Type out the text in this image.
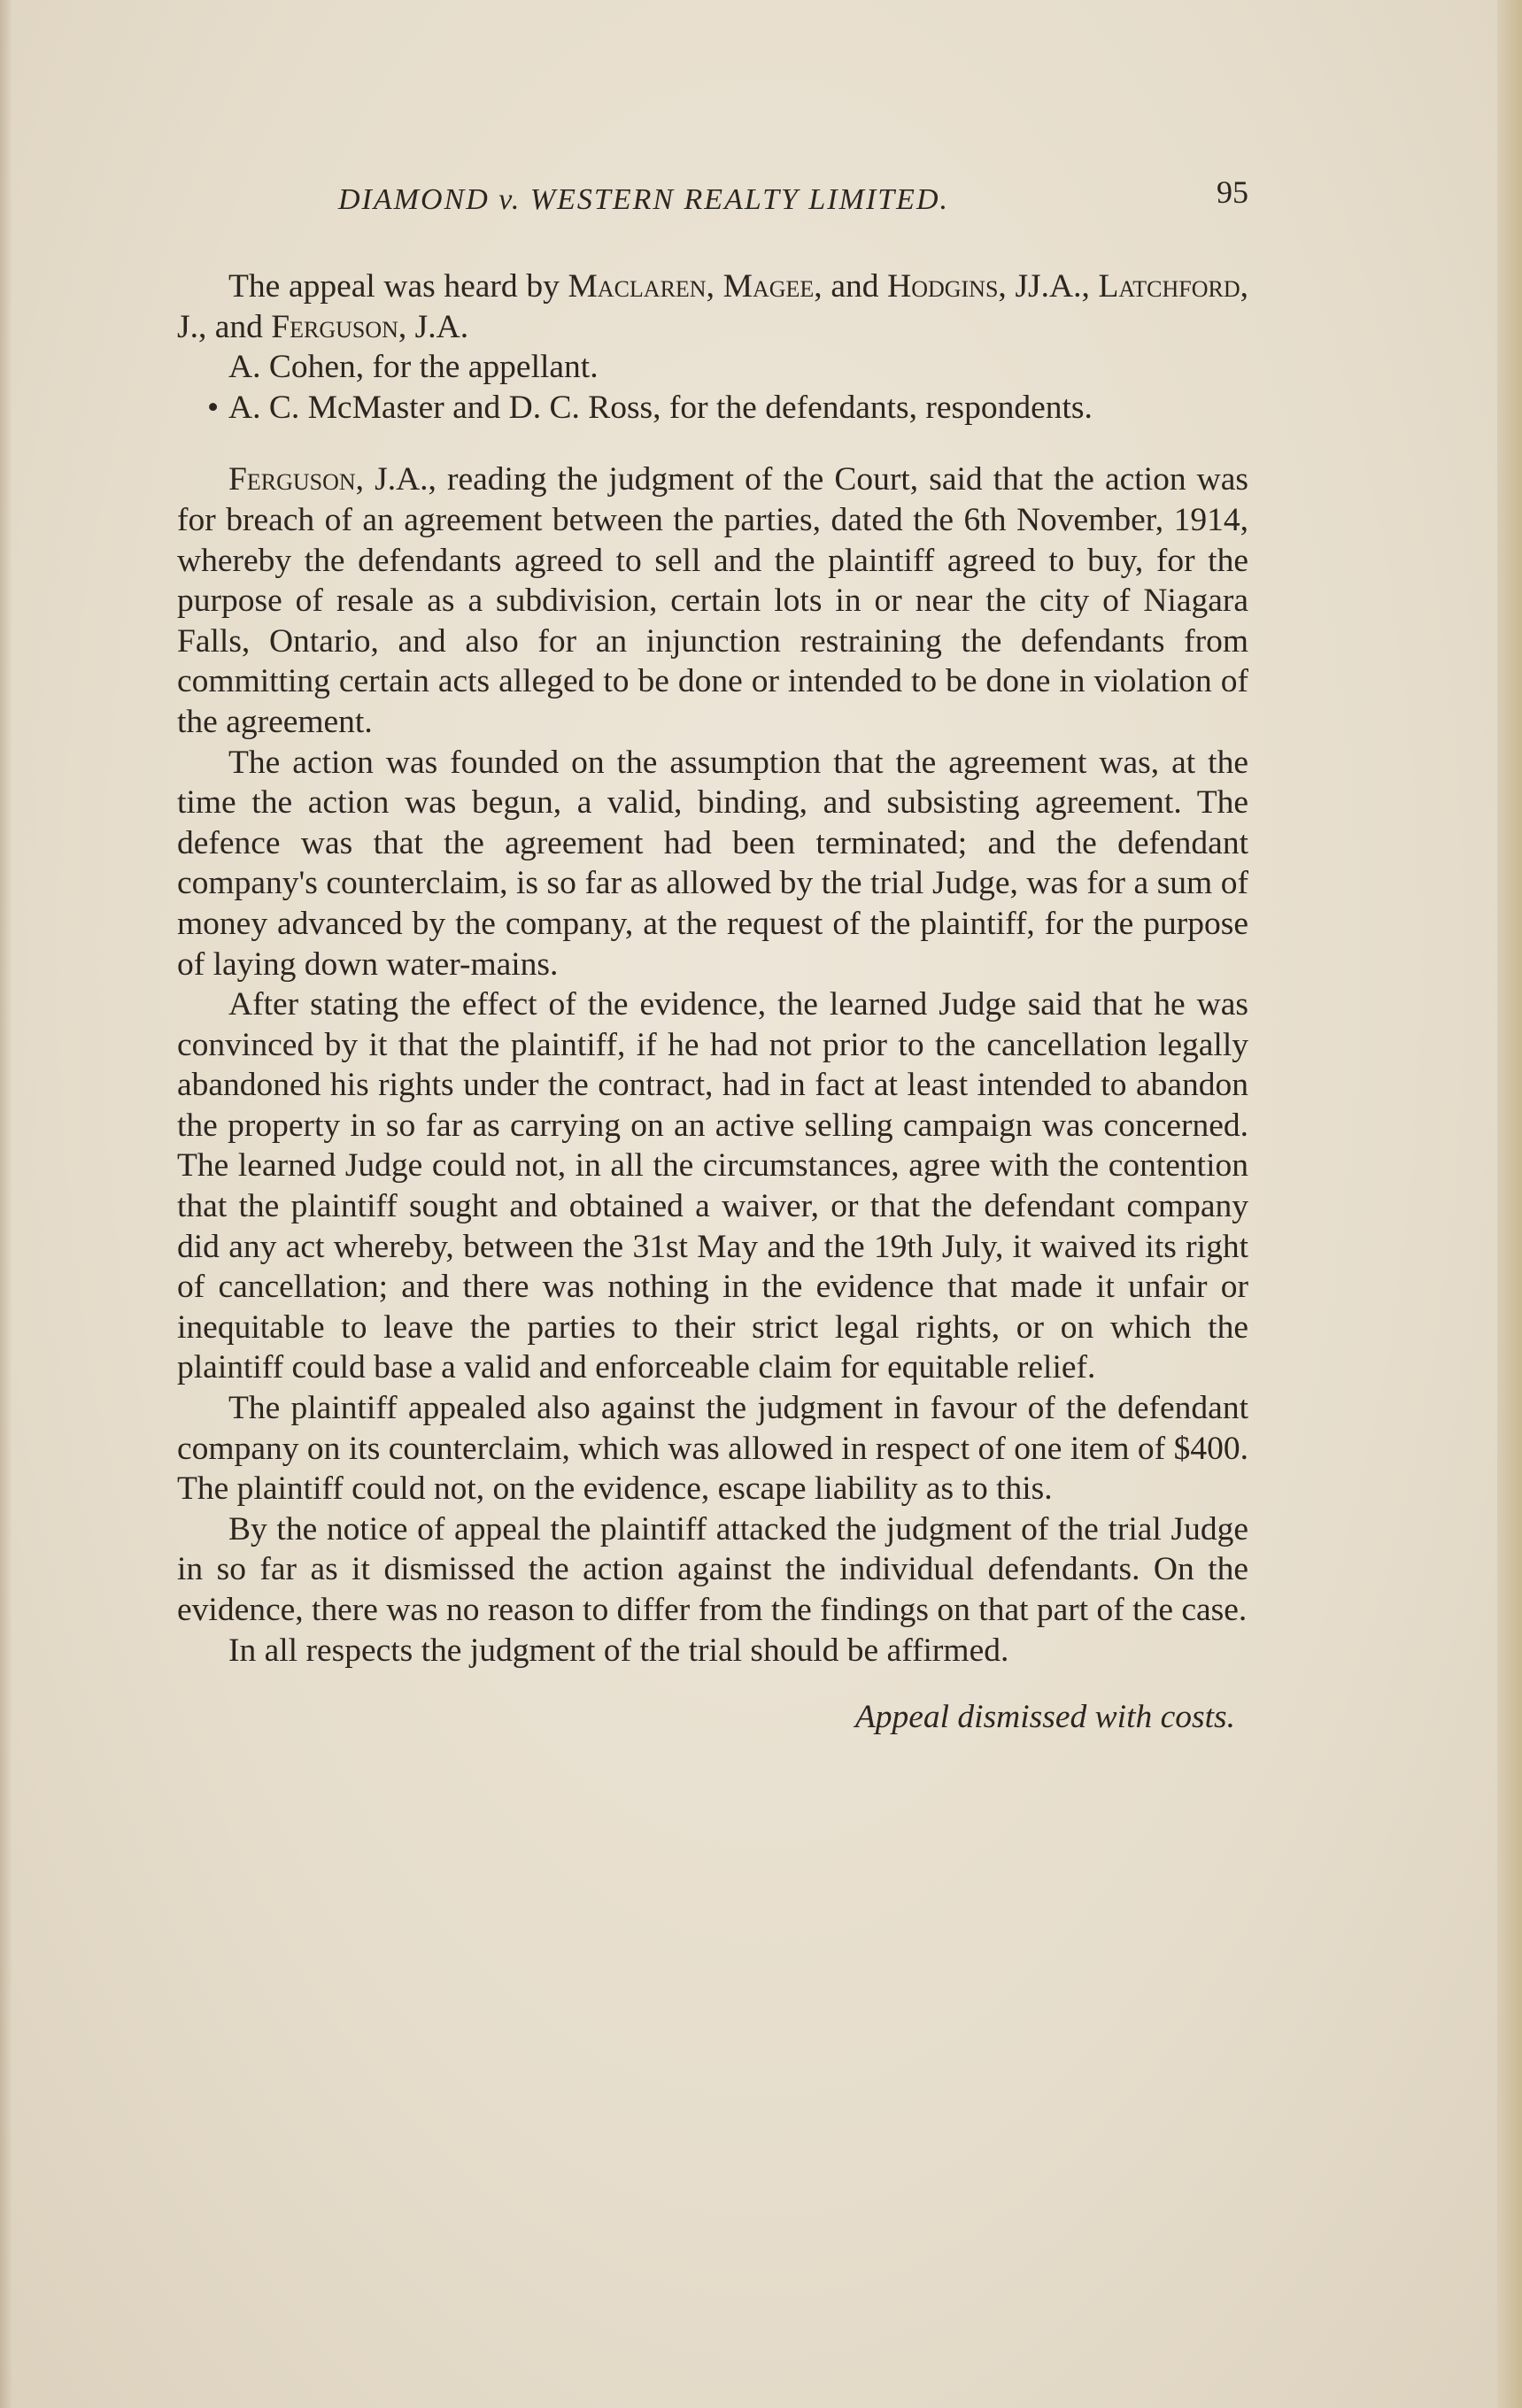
DIAMOND v. WESTERN REALTY LIMITED.	95

The appeal was heard by Maclaren, Magee, and Hodgins, JJ.A., Latchford, J., and Ferguson, J.A.

A. Cohen, for the appellant.

• A. C. McMaster and D. C. Ross, for the defendants, respondents.

Ferguson, J.A., reading the judgment of the Court, said that the action was for breach of an agreement between the parties, dated the 6th November, 1914, whereby the defendants agreed to sell and the plaintiff agreed to buy, for the purpose of resale as a subdivision, certain lots in or near the city of Niagara Falls, Ontario, and also for an injunction restraining the defendants from committing certain acts alleged to be done or intended to be done in violation of the agreement.

The action was founded on the assumption that the agreement was, at the time the action was begun, a valid, binding, and subsisting agreement. The defence was that the agreement had been terminated; and the defendant company's counterclaim, is so far as allowed by the trial Judge, was for a sum of money advanced by the company, at the request of the plaintiff, for the purpose of laying down water-mains.

After stating the effect of the evidence, the learned Judge said that he was convinced by it that the plaintiff, if he had not prior to the cancellation legally abandoned his rights under the contract, had in fact at least intended to abandon the property in so far as carrying on an active selling campaign was concerned. The learned Judge could not, in all the circumstances, agree with the contention that the plaintiff sought and obtained a waiver, or that the defendant company did any act whereby, between the 31st May and the 19th July, it waived its right of cancellation; and there was nothing in the evidence that made it unfair or inequitable to leave the parties to their strict legal rights, or on which the plaintiff could base a valid and enforceable claim for equitable relief.

The plaintiff appealed also against the judgment in favour of the defendant company on its counterclaim, which was allowed in respect of one item of $400. The plaintiff could not, on the evidence, escape liability as to this.

By the notice of appeal the plaintiff attacked the judgment of the trial Judge in so far as it dismissed the action against the individual defendants. On the evidence, there was no reason to differ from the findings on that part of the case.

In all respects the judgment of the trial should be affirmed.

Appeal dismissed with costs.
